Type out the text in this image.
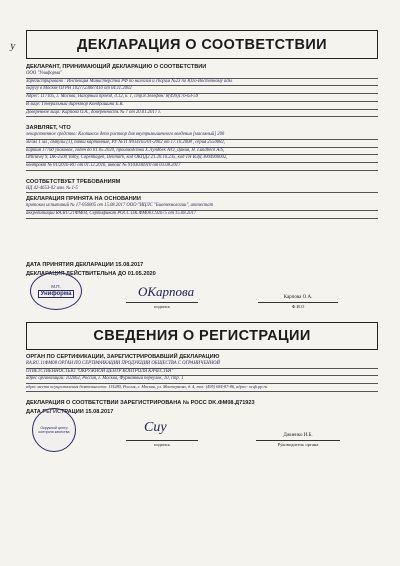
у	ДЕКЛАРАЦИЯ О СООТВЕТСТВИИ
ДЕКЛАРАНТ, ПРИНИМАЮЩИЙ ДЕКЛАРАЦИЮ О СООТВЕТСТВИИ

ООО "Униформа"

Зарегистрировано : Инспекция Министерства РФ по налогам и сборам №23 по Юго-Восточному адм.

округу в Москве ОГРН 1027723087410 от 04.11.2002

Адрес: 117105, г. Москва, Нагорный проезд, д.12, к. 1, стр.8.Телефон: 8(499)176-63-59

В лице: Генеральный директор Кондрашина Е.В.

Доверенное лицо: Карпова О.А., доверенность № 7 от 20.01.2017 г.

ЗАЯВЛЯЕТ, ЧТО

лекарственное средство: Клопиксол депо раствор для внутримышечного введения [масляный] 200

мг/мл 1 мл , ампулы (1), пачки картонные, РУ № П N014165/01-2002 от 17.10.2008 , серия 2550082,

партия 17760 упаковок, годен до 01.05.2020, производства Х.Лундбек А/О, Дания, Н. Lundbeck A/S,

Ottiliavej 9, DK-2500 Valby, Copenhagen, Denmark, код ОКПД2 21.20.10.235, код ТН ВЭД 3004900002,

контракт № 01/2016-RU от 01.12.2016, инвойс № 9103036910 от 03.08.2017

СООТВЕТСТВУЕТ ТРЕБОВАНИЯМ

НД 42-4653-02 изм. № 1-5

ДЕКЛАРАЦИЯ ПРИНЯТА НА ОСНОВАНИИ

протокол испытаний № 17-056005 от 15.08.2017 ООО "ИЦЛС "Биотехнологии", аттестат

аккредитации RA.RU.21ФМ04, Сертификат РОСС DK.ФМ08.C92675 от 15.08.2017

ДАТА ПРИНЯТИЯ ДЕКЛАРАЦИИ 15.08.2017
ДЕКЛАРАЦИЯ ДЕЙСТВИТЕЛЬНА ДО 01.05.2020
М.П.
Униформа	ОКарпова
подпись
Карпова О.А.
Ф.И.О
СВЕДЕНИЯ О РЕГИСТРАЦИИ
ОРГАН ПО СЕРТИФИКАЦИИ, ЗАРЕГИСТРИРОВАВШИЙ ДЕКЛАРАЦИЮ

RA.RU.11ФМ08 ОРГАН ПО СЕРТИФИКАЦИИ ПРОДУКЦИИ ОБЩЕСТВА С ОГРАНИЧЕННОЙ

ОТВЕТСТВЕННОСТЬЮ "ОКРУЖНОЙ ЦЕНТР КОНТРОЛЯ КАЧЕСТВА"

адрес организации: 102062, Россия, г. Москва, Фурманный переулок, 10, стр. 1

адрес места осуществления деятельности: 115280, Россия, г. Москва, ул. Мастеркова, д. 4, тел: (495) 684-87-86, адрес: ocqk.pp.ru

ДЕКЛАРАЦИЯ О СООТВЕТСТВИИ ЗАРЕГИСТРИРОВАНА № РОСС DK.ФМ08.Д71923
ДАТА РЕГИСТРАЦИИ 15.08.2017
Окружной центр контроля качества	Сиу
подпись
Джиенко И.Б.
Руководитель органа
